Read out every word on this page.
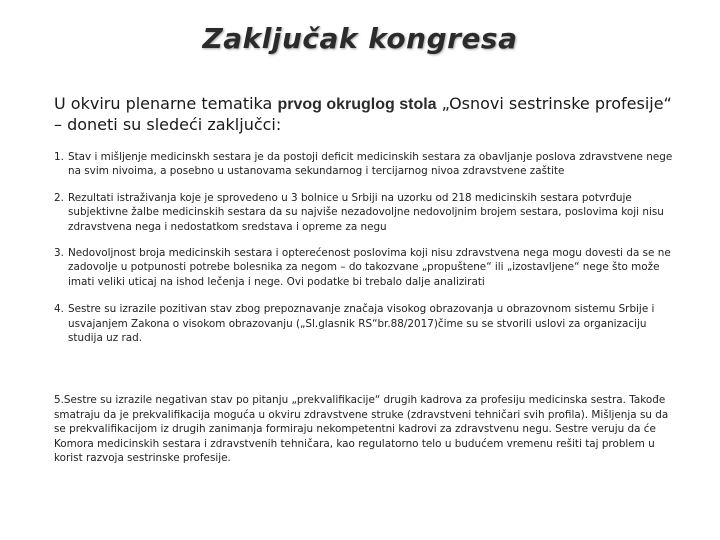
Zaključak kongresa
U okviru plenarne tematika prvog okruglog stola „Osnovi sestrinske profesije“ – doneti su sledeći zaključci:
1. Stav i mišljenje medicinskh sestara je da postoji deficit medicinskih sestara za obavljanje poslova zdravstvene nege na svim nivoima, a posebno u ustanovama sekundarnog i tercijarnog nivoa zdravstvene zaštite
2. Rezultati istraživanja koje je sprovedeno u 3 bolnice u Srbiji na uzorku od 218 medicinskih sestara potvrđuje subjektivne žalbe medicinskih sestara da su najviše nezadovoljne nedovoljnim brojem sestara, poslovima koji nisu zdravstvena nega i nedostatkom sredstava i opreme za negu
3. Nedovoljnost broja medicinskih sestara i opterećenost poslovima koji nisu zdravstvena nega mogu dovesti da se ne zadovolje u potpunosti potrebe bolesnika za negom – do takozvane „propuštene“ ili „izostavljene“ nege što može imati veliki uticaj na ishod lečenja i nege. Ovi podatke bi trebalo dalje analizirati
4. Sestre su izrazile pozitivan stav zbog prepoznavanje značaja visokog obrazovanja u obrazovnom sistemu Srbije i usvajanjem Zakona o visokom obrazovanju („Sl.glasnik RS“br.88/2017)čime su se stvorili uslovi za organizaciju studija uz rad.
5.Sestre su izrazile negativan stav po pitanju „prekvalifikacije“ drugih kadrova za profesiju medicinska sestra. Takođe smatraju da je prekvalifikacija moguća u okviru zdravstvene struke (zdravstveni tehničari svih profila). Mišljenja su da se prekvalifikacijom iz drugih zanimanja formiraju nekompetentni kadrovi za zdravstvenu negu. Sestre veruju da će Komora medicinskih sestara i zdravstvenih tehničara, kao regulatorno telo u budućem vremenu rešiti taj problem u korist razvoja sestrinske profesije.
